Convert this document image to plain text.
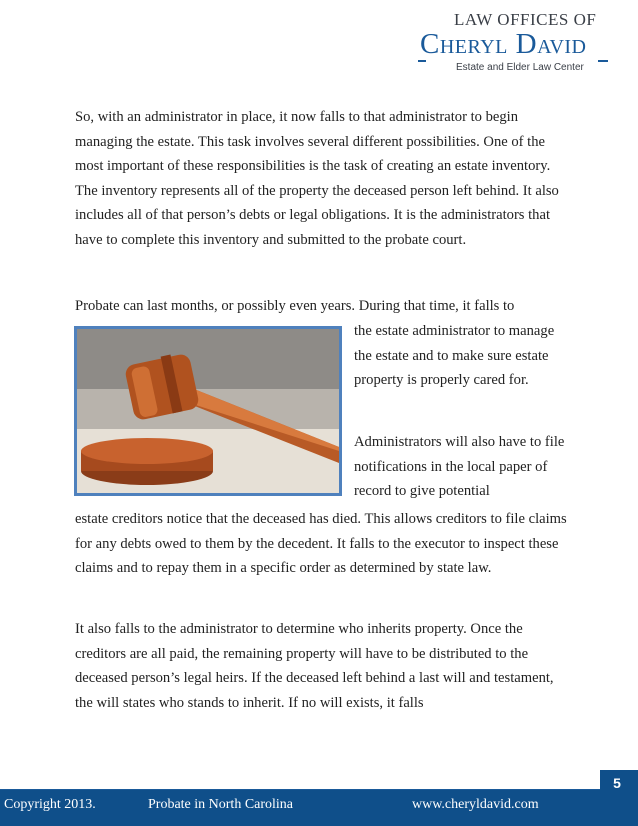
LAW OFFICES OF
Cheryl David
Estate and Elder Law Center

So, with an administrator in place, it now falls to that administrator to begin managing the estate. This task involves several different possibilities. One of the most important of these responsibilities is the task of creating an estate inventory. The inventory represents all of the property the deceased person left behind. It also includes all of that person’s debts or legal obligations. It is the administrators that have to complete this inventory and submitted to the probate court.

Probate can last months, or possibly even years. During that time, it falls to

the estate administrator to manage the estate and to make sure estate property is properly cared for.

Administrators will also have to file notifications in the local paper of record to give potential

estate creditors notice that the deceased has died. This allows creditors to file claims for any debts owed to them by the decedent. It falls to the executor to inspect these claims and to repay them in a specific order as determined by state law.

It also falls to the administrator to determine who inherits property. Once the creditors are all paid, the remaining property will have to be distributed to the deceased person’s legal heirs. If the deceased left behind a last will and testament, the will states who stands to inherit. If no will exists, it falls

5
Copyright 2013.	Probate in North Carolina	www.cheryldavid.com
